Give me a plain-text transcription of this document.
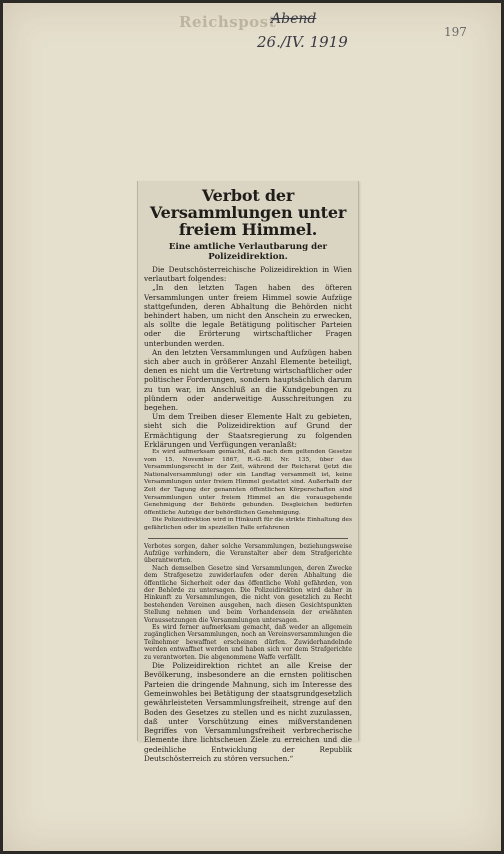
Reichspost
Abend
26./IV. 1919
197
Verbot der Versammlungen unter freiem Himmel.
Eine amtliche Verlautbarung der Polizeidirektion.

Die Deutschösterreichische Polizeidirektion in Wien verlautbart folgendes:

„In den letzten Tagen haben des öfteren Versammlungen unter freiem Himmel sowie Aufzüge stattgefunden, deren Abhaltung die Behörden nicht behindert haben, um nicht den Anschein zu erwecken, als sollte die legale Betätigung politischer Parteien oder die Erörterung wirtschaftlicher Fragen unterbunden werden.

An den letzten Versammlungen und Aufzügen haben sich aber auch in größerer Anzahl Elemente beteiligt, denen es nicht um die Vertretung wirtschaftlicher oder politischer Forderungen, sondern hauptsächlich darum zu tun war, im Anschluß an die Kundgebungen zu plündern oder anderweitige Ausschreitungen zu begehen.

Um dem Treiben dieser Elemente Halt zu gebieten, sieht sich die Polizeidirektion auf Grund der Ermächtigung der Staatsregierung zu folgenden Erklärungen und Verfügungen veranlaßt:

Es wird aufmerksam gemacht, daß nach dem geltenden Gesetze vom 15. November 1867, R.-G.-Bl. Nr. 135, über das Versammlungsrecht in der Zeit, während der Reichsrat (jetzt die Nationalversammlung) oder ein Landtag versammelt ist, keine Versammlungen unter freiem Himmel gestattet sind. Außerhalb der Zeit der Tagung der genannten öffentlichen Körperschaften sind Versammlungen unter freiem Himmel an die vorausgehende Genehmigung der Behörde gebunden. Desgleichen bedürfen öffentliche Aufzüge der behördlichen Genehmigung.

Die Polizeidirektion wird in Hinkunft für die strikte Einhaltung des gefährlichen oder im speziellen Falle erfahrenen

Verbotes sorgen, daher solche Versammlungen, beziehungsweise Aufzüge verhindern, die Veranstalter aber dem Strafgerichte überantworten.

Nach demselben Gesetze sind Versammlungen, deren Zwecke dem Strafgesetze zuwiderlaufen oder deren Abhaltung die öffentliche Sicherheit oder das öffentliche Wohl gefährden, von der Behörde zu untersagen. Die Polizeidirektion wird daher in Hinkunft zu Versammlungen, die nicht von gesetzlich zu Recht bestehenden Vereinen ausgehen, nach diesen Gesichtspunkten Stellung nehmen und beim Vorhandensein der erwähnten Voraussetzungen die Versammlungen untersagen.

Es wird ferner aufmerksam gemacht, daß weder an allgemein zugänglichen Versammlungen, noch an Vereinsversammlungen die Teilnehmer bewaffnet erscheinen dürfen. Zuwiderhandelnde werden entwaffnet werden und haben sich vor dem Strafgerichte zu verantworten. Die abgenommene Waffe verfällt.

Die Polizeidirektion richtet an alle Kreise der Bevölkerung, insbesondere an die ernsten politischen Parteien die dringende Mahnung, sich im Interesse des Gemeinwohles bei Betätigung der staatsgrundgesetzlich gewährleisteten Versammlungsfreiheit, strenge auf den Boden des Gesetzes zu stellen und es nicht zuzulassen, daß unter Vorschützung eines mißverstandenen Begriffes von Versammlungsfreiheit verbrecherische Elemente ihre lichtscheuen Ziele zu erreichen und die gedeihliche Entwicklung der Republik Deutschösterreich zu stören versuchen.“
